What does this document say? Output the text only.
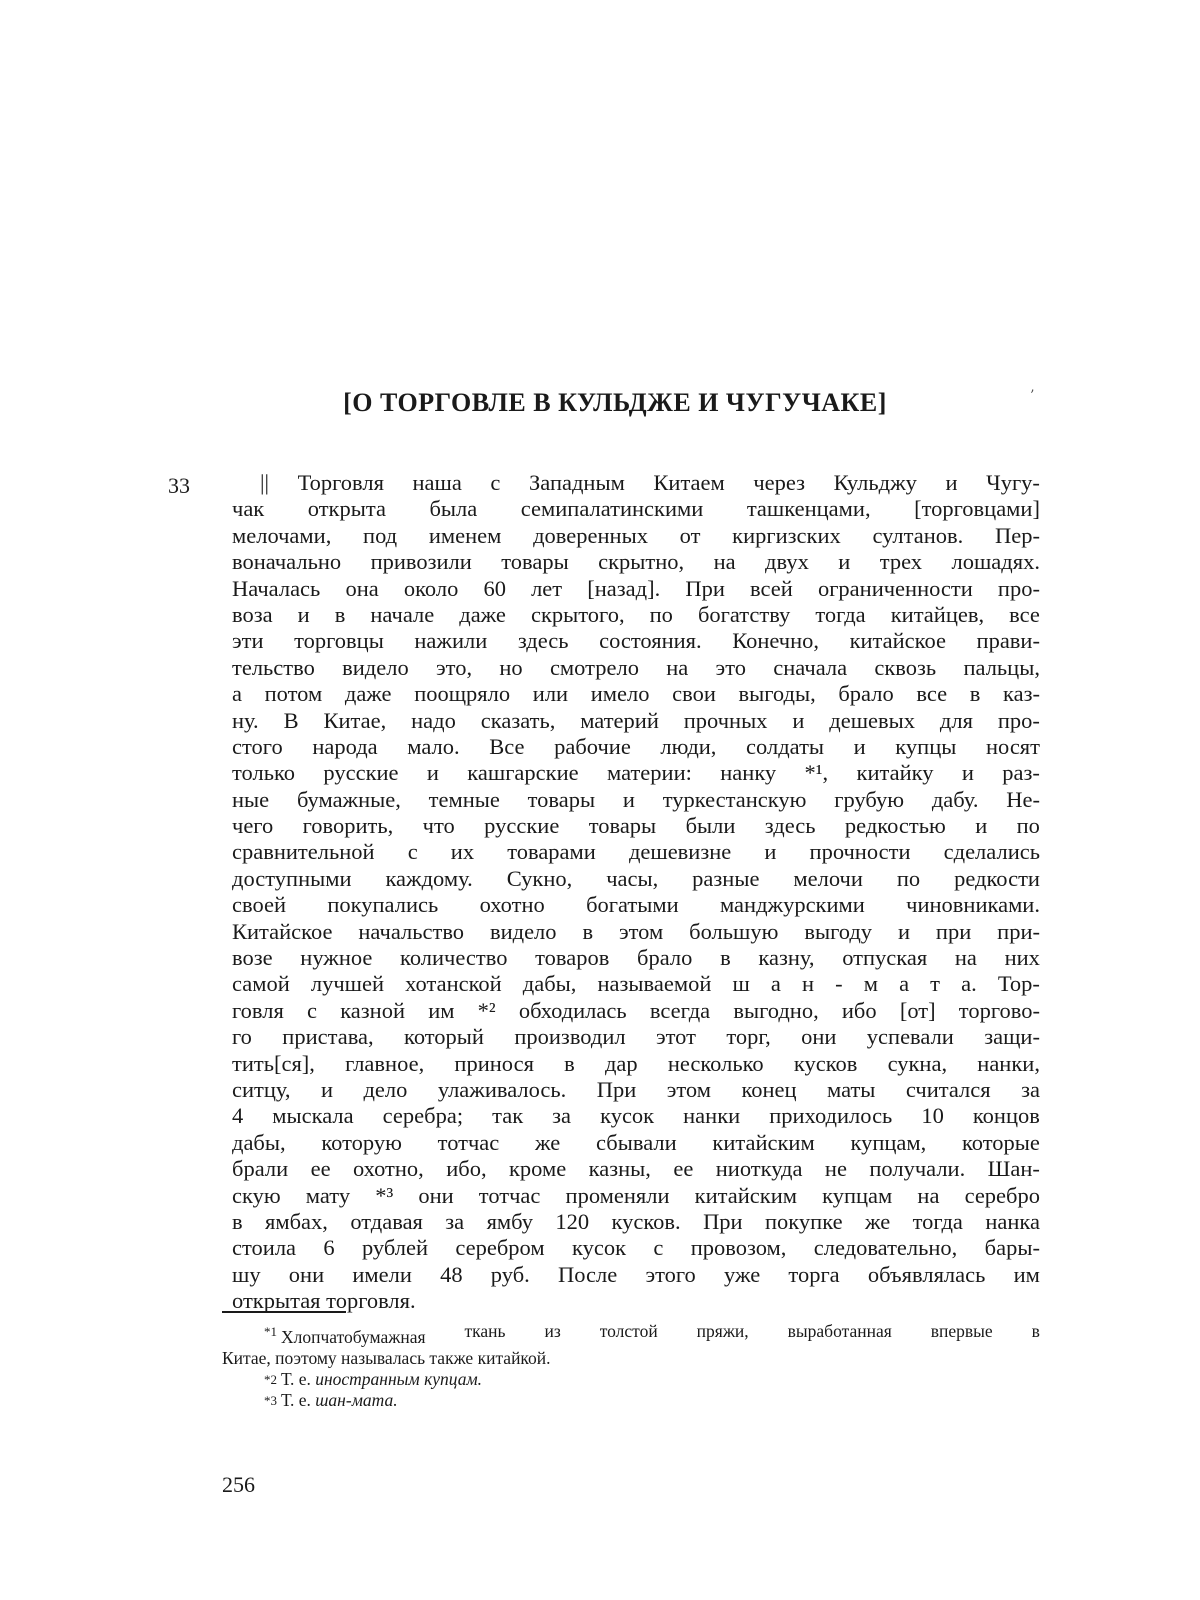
[О ТОРГОВЛЕ В КУЛЬДЖЕ И ЧУГУЧАКЕ]	’
33	|| Торговля наша с Западным Китаем через Кульджу и Чугу-
чак открыта была семипалатинскими ташкенцами, [торговцами]
мелочами, под именем доверенных от киргизских султанов. Пер-
воначально привозили товары скрытно, на двух и трех лошадях.
Началась она около 60 лет [назад]. При всей ограниченности про-
воза и в начале даже скрытого, по богатству тогда китайцев, все
эти торговцы нажили здесь состояния. Конечно, китайское прави-
тельство видело это, но смотрело на это сначала сквозь пальцы,
а потом даже поощряло или имело свои выгоды, брало все в каз-
ну. В Китае, надо сказать, материй прочных и дешевых для про-
стого народа мало. Все рабочие люди, солдаты и купцы носят
только русские и кашгарские материи: нанку *¹, китайку и раз-
ные бумажные, темные товары и туркестанскую грубую дабу. Не-
чего говорить, что русские товары были здесь редкостью и по
сравнительной с их товарами дешевизне и прочности сделались
доступными каждому. Сукно, часы, разные мелочи по редкости
своей покупались охотно богатыми манджурскими чиновниками.
Китайское начальство видело в этом большую выгоду и при при-
возе нужное количество товаров брало в казну, отпуская на них
самой лучшей хотанской дабы, называемой ш а н - м а т а. Тор-
говля с казной им *² обходилась всегда выгодно, ибо [от] торгово-
го пристава, который производил этот торг, они успевали защи-
тить[ся], главное, принося в дар несколько кусков сукна, нанки,
ситцу, и дело улаживалось. При этом конец маты считался за
4 мыскала серебра; так за кусок нанки приходилось 10 концов
дабы, которую тотчас же сбывали китайским купцам, которые
брали ее охотно, ибо, кроме казны, ее ниоткуда не получали. Шан-
скую мату *³ они тотчас променяли китайским купцам на серебро
в ямбах, отдавая за ямбу 120 кусков. При покупке же тогда нанка
стоила 6 рублей серебром кусок с провозом, следовательно, бары-
шу они имели 48 руб. После этого уже торга объявлялась им
открытая торговля.
$^{*1}$ Хлопчатобумажная ткань из толстой пряжи, выработанная впервые в
Китае, поэтому называлась также китайкой.
*2 Т. е.
иностранным купцам.
*3 Т. е.
шан-мата.
256
